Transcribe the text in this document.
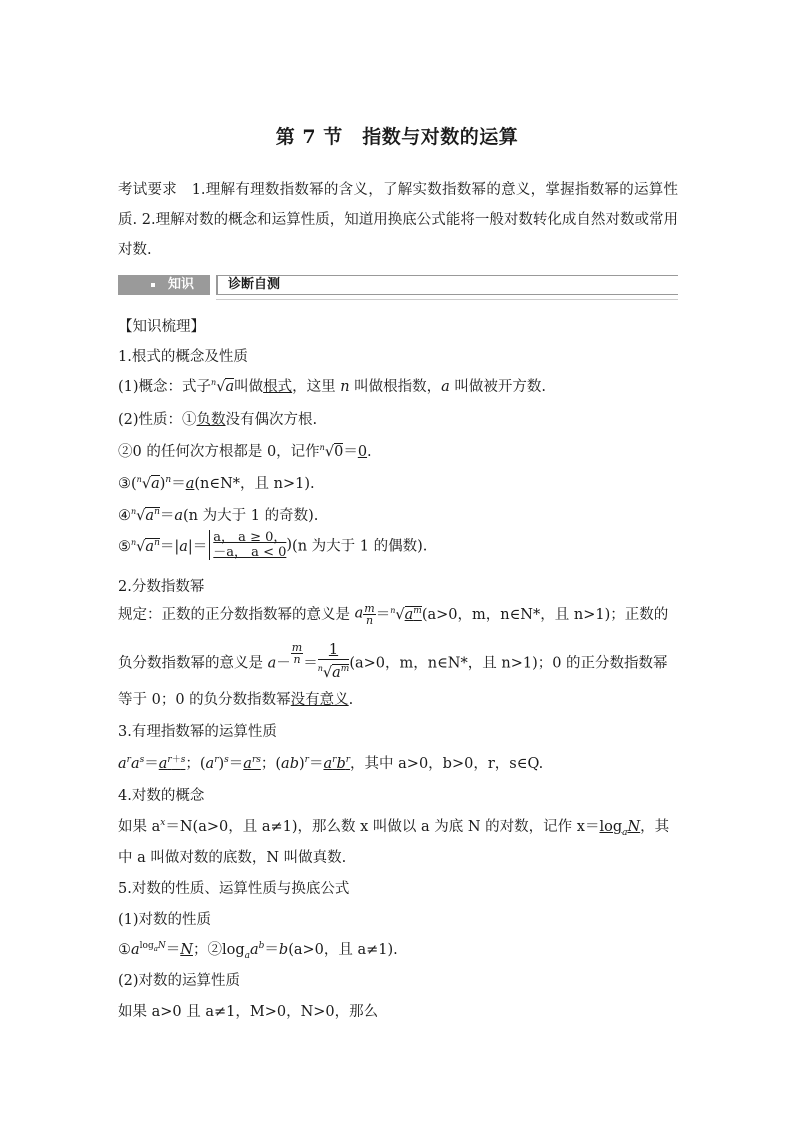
第 7 节　指数与对数的运算
考试要求 1.理解有理数指数幂的含义，了解实数指数幂的意义，掌握指数幂的运算性质. 2.理解对数的概念和运算性质，知道用换底公式能将一般对数转化成自然对数或常用对数.
知识	诊断自测
【知识梳理】
1.根式的概念及性质
(1)概念：式子$^n$√a叫做根式，这里 n 叫做根指数，a 叫做被开方数.
(2)性质：①负数没有偶次方根.
②0 的任何次方根都是 0，记作$^n$√0＝0.
$③(^n√a)^n=a(n\in N*$，且 n>1).
$④^n√a^n=a(n$ 为大于 1 的奇数).
$⑤^n√a^n=|a|= \frac{a, a \ge 0,}{-a, a < 0} )(n$ 为大于 1 的偶数).
2.分数指数幂
规定：正数的正分数指数幂的意义是 a $\frac{m}{n} =^n√a^m(a>0$，m，n∈N*，且 n>1)；正数的
负分数指数幂的意义是 $a- \frac{m}{n} = \frac{1}{^n√a^m} (a>0$，m，n∈N*，且 n>1)；0 的正分数指数幂
等于 0；0 的负分数指数幂没有意义.
3.有理指数幂的运算性质
$a^ra^s=a^{r+s}$；$(a^r)^s=a^{rs}$；$(ab)^r=a^rb^r$，其中 a>0，b>0，r，s∈Q.
4.对数的概念
如果 $a^x=N(a>0$，且 a≠1)，那么数 x 叫做以 a 为底 N 的对数，记作 $x=\log_aN$，其
中 a 叫做对数的底数，N 叫做真数.
5.对数的性质、运算性质与换底公式
(1)对数的性质
$①a^{log_aN}=N$；$②\log_aa^b=b(a>0$，且 a≠1).
(2)对数的运算性质
如果 a>0 且 a≠1，M>0，N>0，那么
